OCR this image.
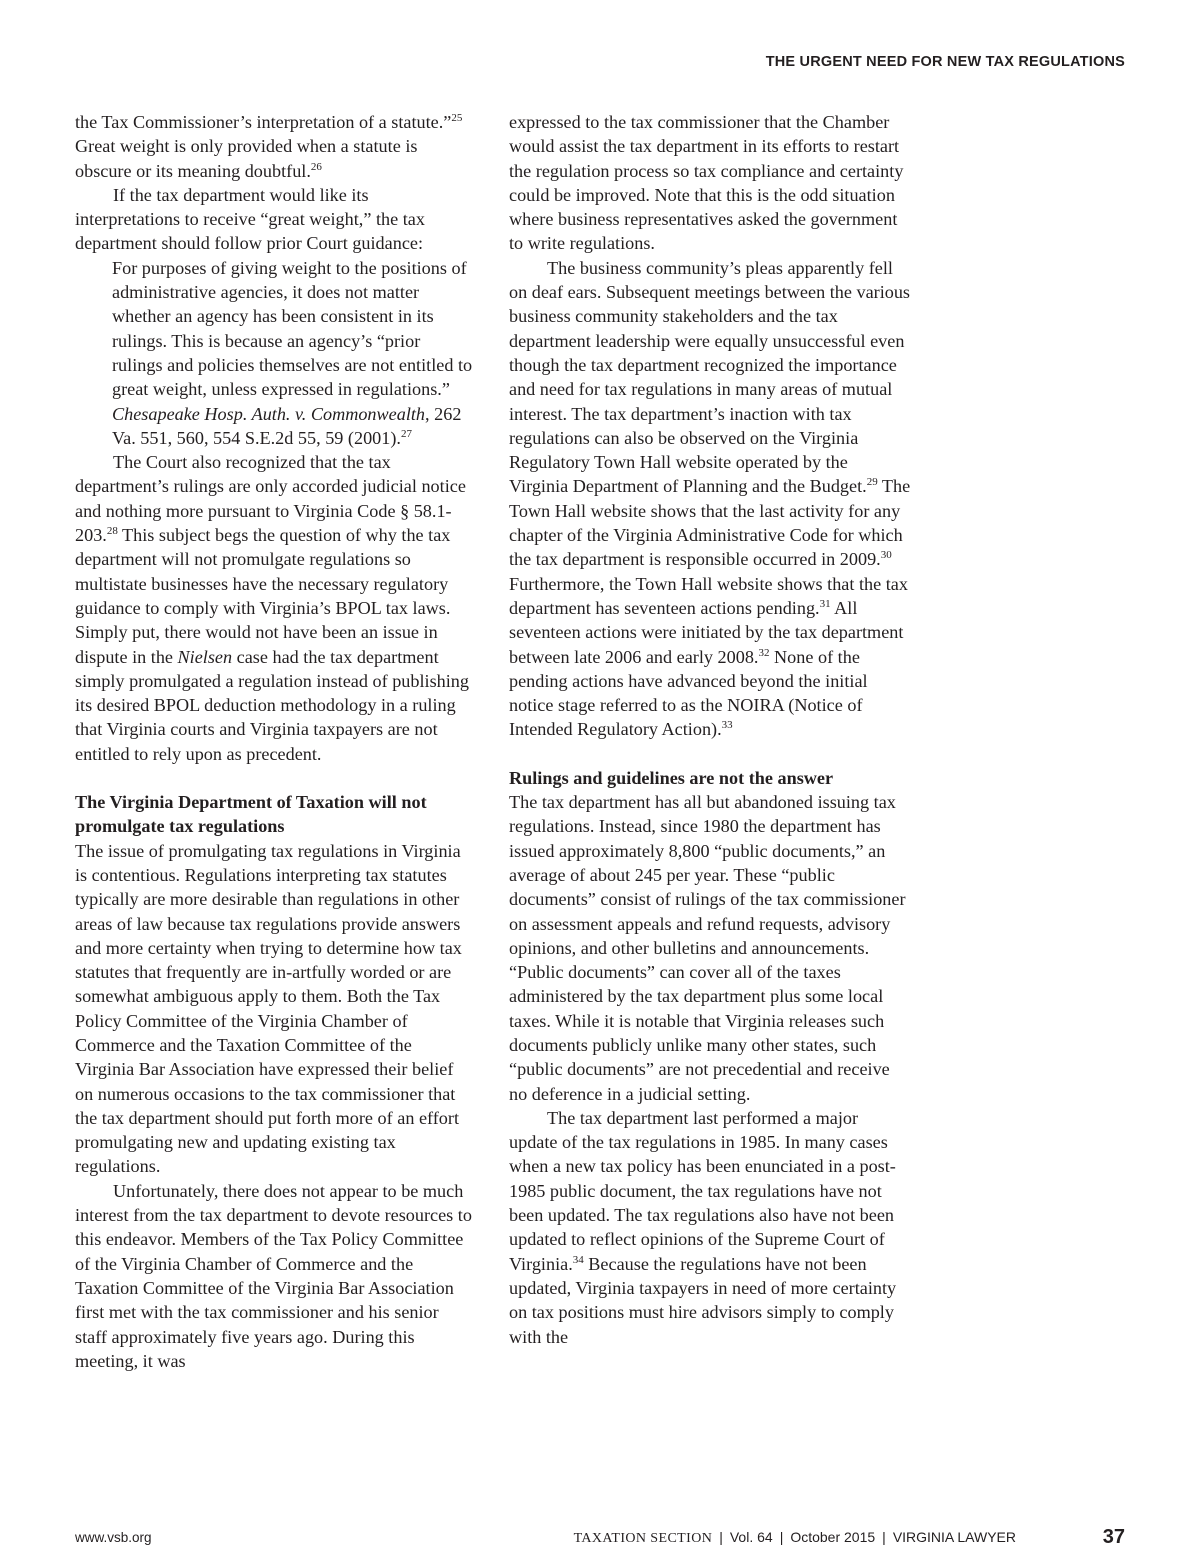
THE URGENT NEED FOR NEW TAX REGULATIONS

the Tax Commissioner’s interpretation of a statute.”$^{25}$ Great weight is only provided when a statute is obscure or its meaning doubtful.$^{26}$

If the tax department would like its interpretations to receive “great weight,” the tax department should follow prior Court guidance:

For purposes of giving weight to the positions of administrative agencies, it does not matter whether an agency has been consistent in its rulings. This is because an agency’s “prior rulings and policies themselves are not entitled to great weight, unless expressed in regulations.” Chesapeake Hosp. Auth. v. Commonwealth, 262 Va. 551, 560, 554 S.E.2d 55, 59 (2001).$^{27}$

The Court also recognized that the tax department’s rulings are only accorded judicial notice and nothing more pursuant to Virginia Code § 58.1-203.28 This subject begs the question of why the tax department will not promulgate regulations so multistate businesses have the necessary regulatory guidance to comply with Virginia’s BPOL tax laws. Simply put, there would not have been an issue in dispute in the Nielsen case had the tax department simply promulgated a regulation instead of publishing its desired BPOL deduction methodology in a ruling that Virginia courts and Virginia taxpayers are not entitled to rely upon as precedent.

The Virginia Department of Taxation will not promulgate tax regulations

The issue of promulgating tax regulations in Virginia is contentious. Regulations interpreting tax statutes typically are more desirable than regulations in other areas of law because tax regulations provide answers and more certainty when trying to determine how tax statutes that frequently are in-artfully worded or are somewhat ambiguous apply to them. Both the Tax Policy Committee of the Virginia Chamber of Commerce and the Taxation Committee of the Virginia Bar Association have expressed their belief on numerous occasions to the tax commissioner that the tax department should put forth more of an effort promulgating new and updating existing tax regulations.

Unfortunately, there does not appear to be much interest from the tax department to devote resources to this endeavor. Members of the Tax Policy Committee of the Virginia Chamber of Commerce and the Taxation Committee of the Virginia Bar Association first met with the tax commissioner and his senior staff approximately five years ago. During this meeting, it was

expressed to the tax commissioner that the Chamber would assist the tax department in its efforts to restart the regulation process so tax compliance and certainty could be improved. Note that this is the odd situation where business representatives asked the government to write regulations.

The business community’s pleas apparently fell on deaf ears. Subsequent meetings between the various business community stakeholders and the tax department leadership were equally unsuccessful even though the tax department recognized the importance and need for tax regulations in many areas of mutual interest. The tax department’s inaction with tax regulations can also be observed on the Virginia Regulatory Town Hall website operated by the Virginia Department of Planning and the Budget.$^{29}$ The Town Hall website shows that the last activity for any chapter of the Virginia Administrative Code for which the tax department is responsible occurred in 2009.30 Furthermore, the Town Hall website shows that the tax department has seventeen actions pending.$^{31}$ All seventeen actions were initiated by the tax department between late 2006 and early 2008.32 None of the pending actions have advanced beyond the initial notice stage referred to as the NOIRA (Notice of Intended Regulatory Action).$^{33}$

Rulings and guidelines are not the answer

The tax department has all but abandoned issuing tax regulations. Instead, since 1980 the department has issued approximately 8,800 “public documents,” an average of about 245 per year. These “public documents” consist of rulings of the tax commissioner on assessment appeals and refund requests, advisory opinions, and other bulletins and announcements. “Public documents” can cover all of the taxes administered by the tax department plus some local taxes. While it is notable that Virginia releases such documents publicly unlike many other states, such “public documents” are not precedential and receive no deference in a judicial setting.

The tax department last performed a major update of the tax regulations in 1985. In many cases when a new tax policy has been enunciated in a post-1985 public document, the tax regulations have not been updated. The tax regulations also have not been updated to reflect opinions of the Supreme Court of Virginia.$^{34}$ Because the regulations have not been updated, Virginia taxpayers in need of more certainty on tax positions must hire advisors simply to comply with the

www.vsb.org	TAXATION SECTION | Vol. 64 | October 2015 | VIRGINIA LAWYER	37
